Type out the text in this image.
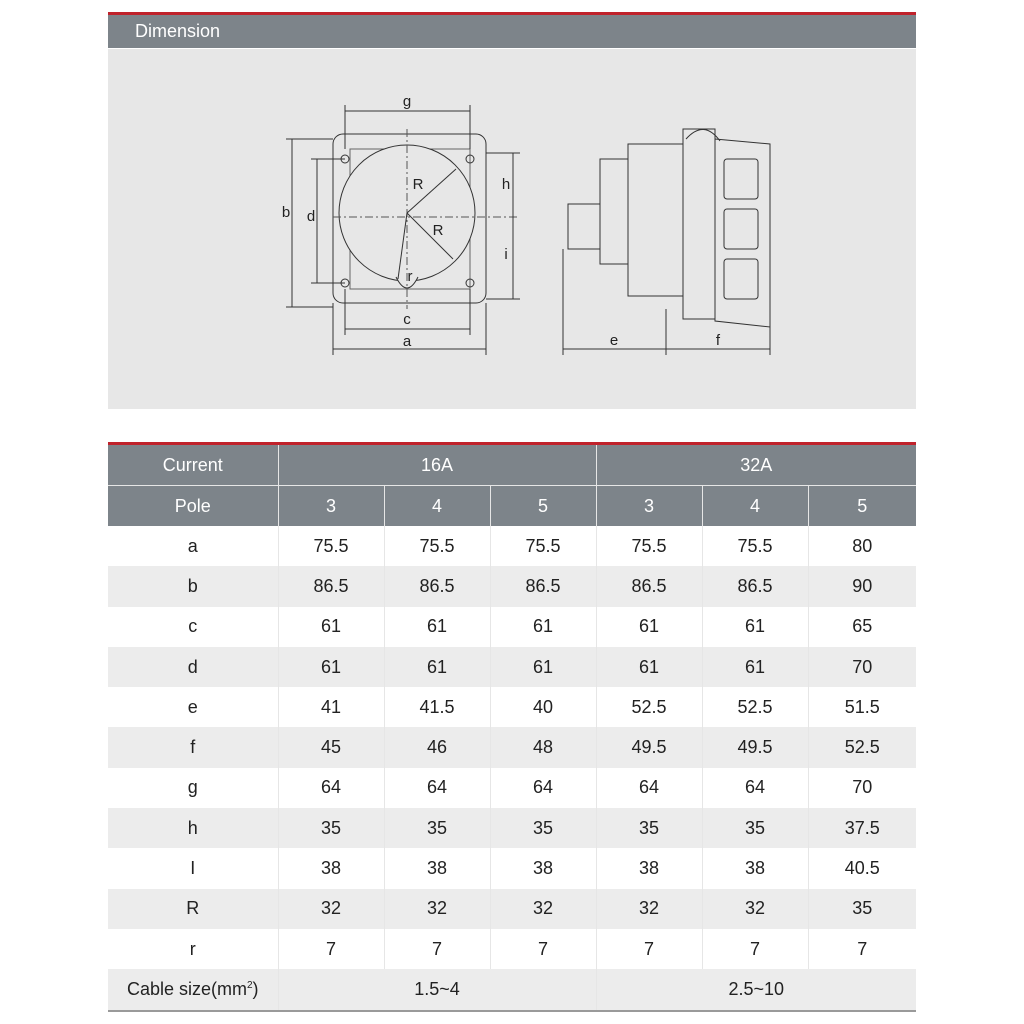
Dimension
g
c
a
b d
h
i
R
R
r
e	f
Current	16A			32A		
Pole	3	4	5	3	4	5
a	75.5	75.5	75.5	75.5	75.5	80
b	86.5	86.5	86.5	86.5	86.5	90
c	61	61	61	61	61	65
d	61	61	61	61	61	70
e	41	41.5	40	52.5	52.5	51.5
f	45	46	48	49.5	49.5	52.5
g	64	64	64	64	64	70
h	35	35	35	35	35	37.5
I	38	38	38	38	38	40.5
R	32	32	32	32	32	35
r	7	7	7	7	7	7
Cable $size(mm^2)$	1.5~4			2.5~10		
